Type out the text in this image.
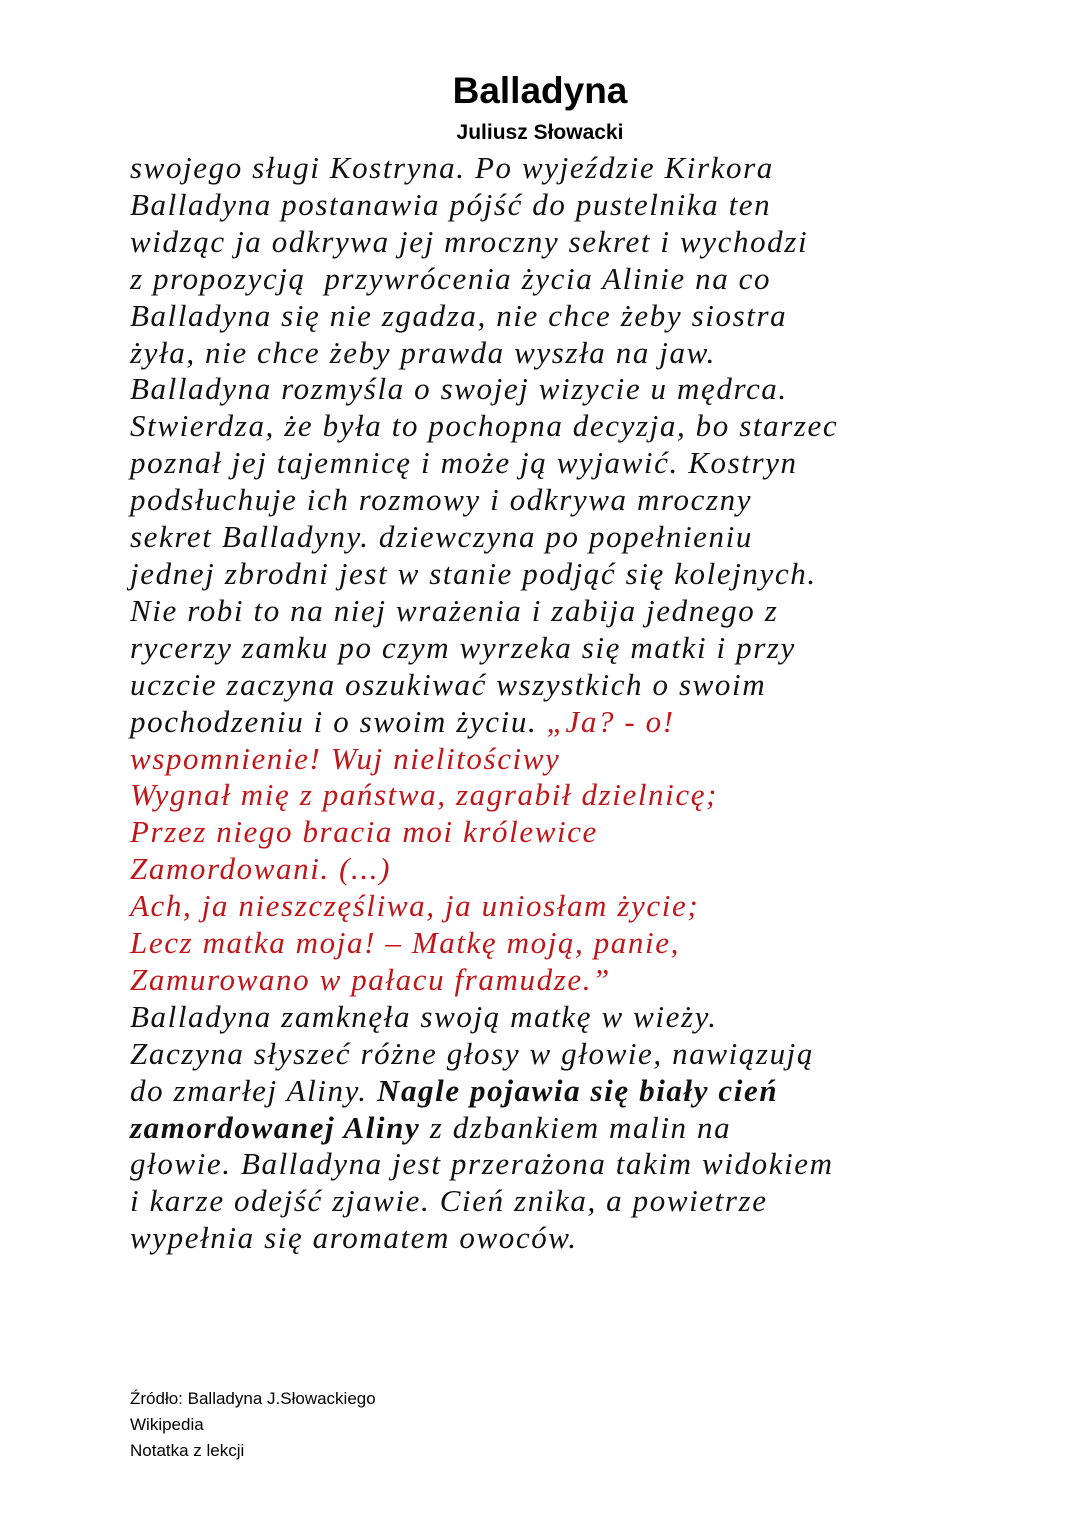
Balladyna
Juliusz Słowacki
swojego sługi Kostryna. Po wyjeździe Kirkora
Balladyna postanawia pójść do pustelnika ten
widząc ja odkrywa jej mroczny sekret i wychodzi
z propozycją  przywrócenia życia Alinie na co
Balladyna się nie zgadza, nie chce żeby siostra
żyła, nie chce żeby prawda wyszła na jaw.
Balladyna rozmyśla o swojej wizycie u mędrca.
Stwierdza, że była to pochopna decyzja, bo starzec
poznał jej tajemnicę i może ją wyjawić. Kostryn
podsłuchuje ich rozmowy i odkrywa mroczny
sekret Balladyny. dziewczyna po popełnieniu
jednej zbrodni jest w stanie podjąć się kolejnych.
Nie robi to na niej wrażenia i zabija jednego z
rycerzy zamku po czym wyrzeka się matki i przy
uczcie zaczyna oszukiwać wszystkich o swoim
pochodzeniu i o swoim życiu. „Ja? - o!
wspomnienie! Wuj nielitościwy
Wygnał mię z państwa, zagrabił dzielnicę;
Przez niego bracia moi królewice
Zamordowani. (...)
Ach, ja nieszczęśliwa, ja uniosłam życie;
Lecz matka moja! – Matkę moją, panie,
Zamurowano w pałacu framudze.”
Balladyna zamknęła swoją matkę w wieży.
Zaczyna słyszeć różne głosy w głowie, nawiązują
do zmarłej Aliny. Nagle pojawia się biały cień
zamordowanej Aliny z dzbankiem malin na
głowie. Balladyna jest przerażona takim widokiem
i karze odejść zjawie. Cień znika, a powietrze
wypełnia się aromatem owoców.
Źródło: Balladyna J.Słowackiego
Wikipedia
Notatka z lekcji
